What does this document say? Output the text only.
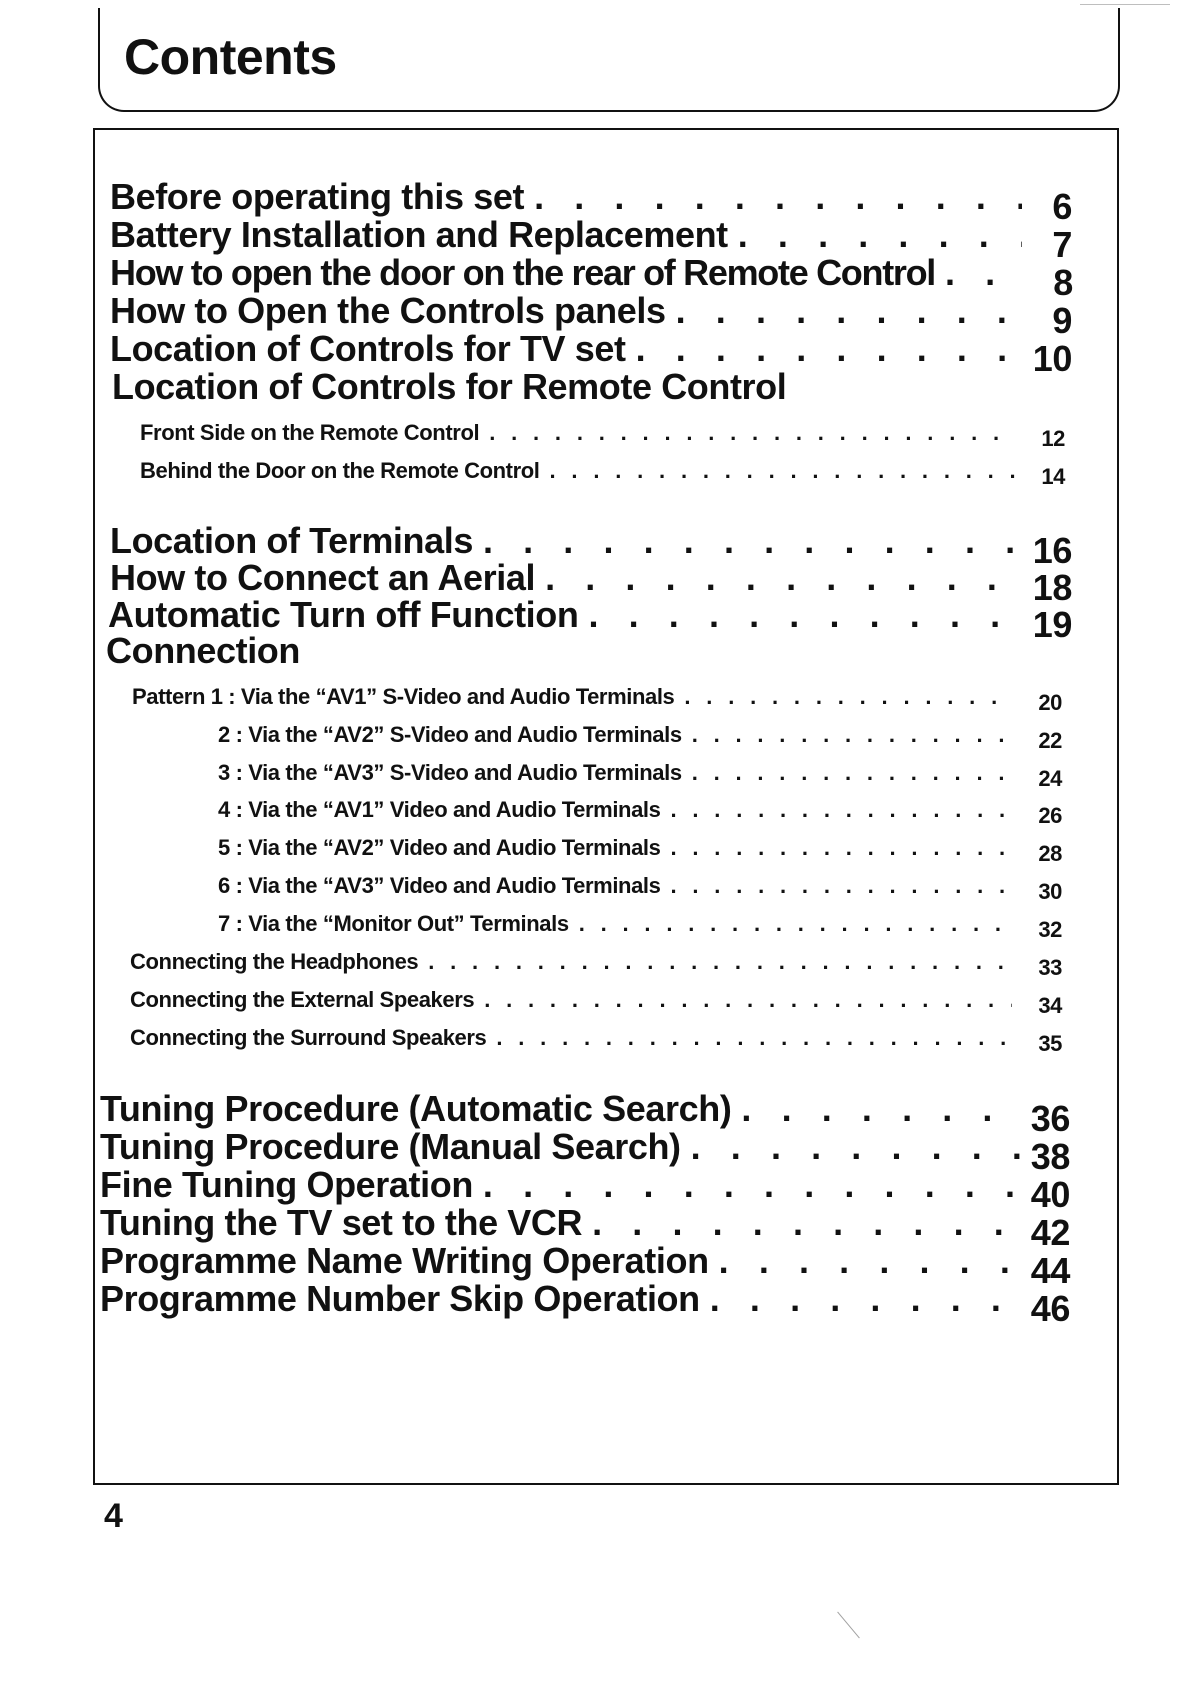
Contents
Before operating this set . . .	6
Battery Installation and Replacement . . .	7
How to open the door on the rear of Remote Control . . .	8
How to Open the Controls panels . . .	9
Location of Controls for TV set . . .	10
Location of Controls for Remote Control
Front Side on the Remote Control . . .	12
Behind the Door on the Remote Control . . .	14
Location of Terminals . . .	16
How to Connect an Aerial . . .	18
Automatic Turn off Function . . .	19
Connection
Pattern 1 : Via the “AV1” S-Video and Audio Terminals . . .	20
2 : Via the “AV2” S-Video and Audio Terminals . . .	22
3 : Via the “AV3” S-Video and Audio Terminals . . .	24
4 : Via the “AV1” Video and Audio Terminals . . .	26
5 : Via the “AV2” Video and Audio Terminals . . .	28
6 : Via the “AV3” Video and Audio Terminals . . .	30
7 : Via the “Monitor Out” Terminals . . .	32
Connecting the Headphones . . .	33
Connecting the External Speakers . . .	34
Connecting the Surround Speakers . . .	35
Tuning Procedure (Automatic Search) . . .	36
Tuning Procedure (Manual Search) . . .	38
Fine Tuning Operation . . .	40
Tuning the TV set to the VCR . . .	42
Programme Name Writing Operation . . .	44
Programme Number Skip Operation . . .	46
4
